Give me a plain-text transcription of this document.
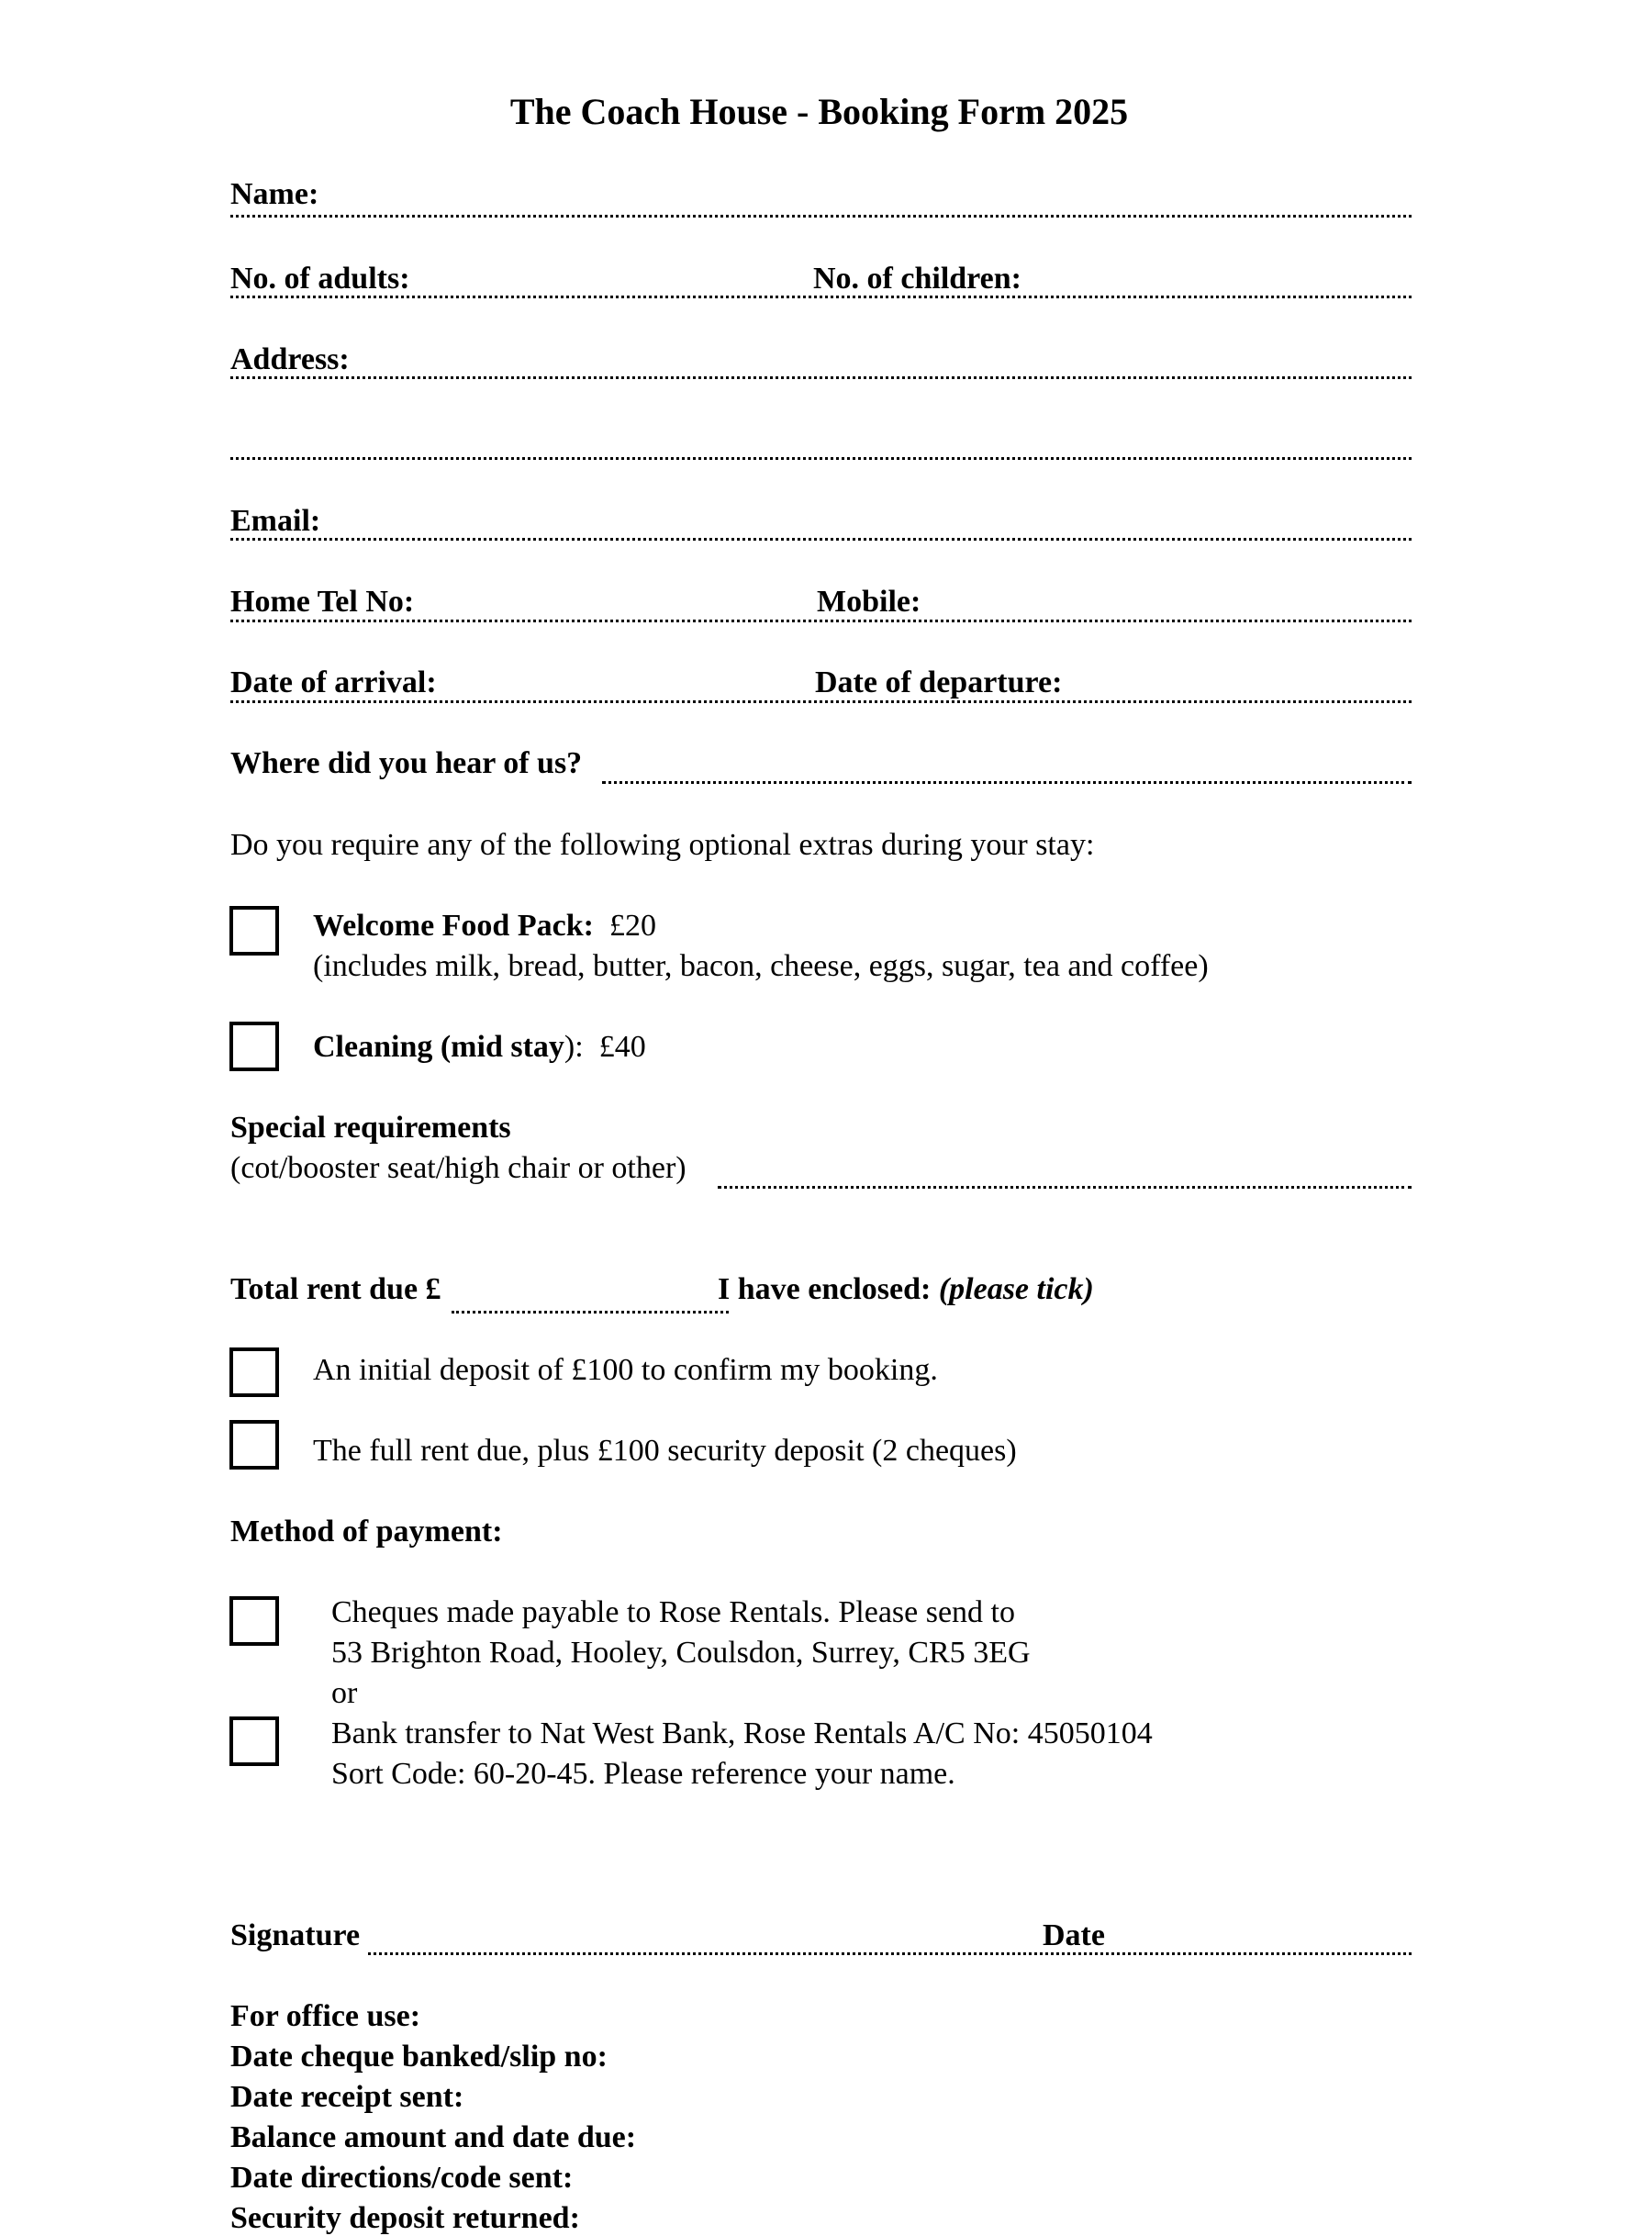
The Coach House - Booking Form 2025
Name:
No. of adults:	No. of children:
Address:
Email:
Home Tel No:	Mobile:
Date of arrival:	Date of departure:
Where did you hear of us?
Do you require any of the following optional extras during your stay:
Welcome Food Pack: £20
(includes milk, bread, butter, bacon, cheese, eggs, sugar, tea and coffee)
Cleaning (mid stay): £40
Special requirements
(cot/booster seat/high chair or other)
Total rent due £	I have enclosed: (please tick)
An initial deposit of £100 to confirm my booking.
The full rent due, plus £100 security deposit (2 cheques)
Method of payment:
Cheques made payable to Rose Rentals. Please send to
53 Brighton Road, Hooley, Coulsdon, Surrey, CR5 3EG
or
Bank transfer to Nat West Bank, Rose Rentals A/C No: 45050104
Sort Code: 60-20-45. Please reference your name.
Signature	Date
For office use:
Date cheque banked/slip no:
Date receipt sent:
Balance amount and date due:
Date directions/code sent:
Security deposit returned:
